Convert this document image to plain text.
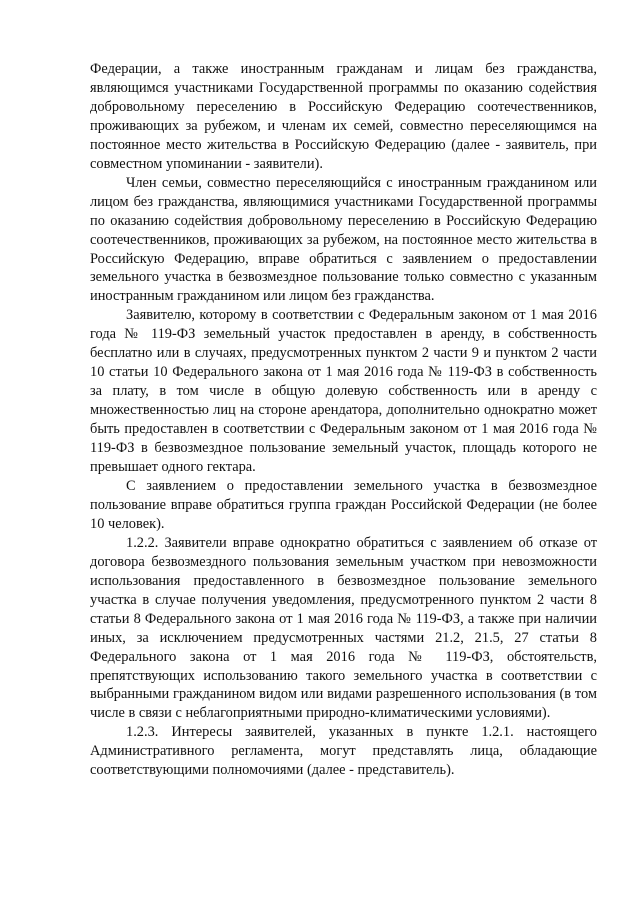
Федерации, а также иностранным гражданам и лицам без гражданства, являющимся участниками Государственной программы по оказанию содействия добровольному переселению в Российскую Федерацию соотечественников, проживающих за рубежом, и членам их семей, совместно переселяющимся на постоянное место жительства в Российскую Федерацию (далее - заявитель, при совместном упоминании - заявители).

Член семьи, совместно переселяющийся с иностранным гражданином или лицом без гражданства, являющимися участниками Государственной программы по оказанию содействия добровольному переселению в Российскую Федерацию соотечественников, проживающих за рубежом, на постоянное место жительства в Российскую Федерацию, вправе обратиться с заявлением о предоставлении земельного участка в безвозмездное пользование только совместно с указанным иностранным гражданином или лицом без гражданства.

Заявителю, которому в соответствии с Федеральным законом от 1 мая 2016 года № 119-ФЗ земельный участок предоставлен в аренду, в собственность бесплатно или в случаях, предусмотренных пунктом 2 части 9 и пунктом 2 части 10 статьи 10 Федерального закона от 1 мая 2016 года № 119-ФЗ в собственность за плату, в том числе в общую долевую собственность или в аренду с множественностью лиц на стороне арендатора, дополнительно однократно может быть предоставлен в соответствии с Федеральным законом от 1 мая 2016 года № 119-ФЗ в безвозмездное пользование земельный участок, площадь которого не превышает одного гектара.

С заявлением о предоставлении земельного участка в безвозмездное пользование вправе обратиться группа граждан Российской Федерации (не более 10 человек).

1.2.2. Заявители вправе однократно обратиться с заявлением об отказе от договора безвозмездного пользования земельным участком при невозможности использования предоставленного в безвозмездное пользование земельного участка в случае получения уведомления, предусмотренного пунктом 2 части 8 статьи 8 Федерального закона от 1 мая 2016 года № 119-ФЗ, а также при наличии иных, за исключением предусмотренных частями 21.2, 21.5, 27 статьи 8 Федерального закона от 1 мая 2016 года № 119-ФЗ, обстоятельств, препятствующих использованию такого земельного участка в соответствии с выбранными гражданином видом или видами разрешенного использования (в том числе в связи с неблагоприятными природно-климатическими условиями).

1.2.3. Интересы заявителей, указанных в пункте 1.2.1. настоящего Административного регламента, могут представлять лица, обладающие соответствующими полномочиями (далее - представитель).
